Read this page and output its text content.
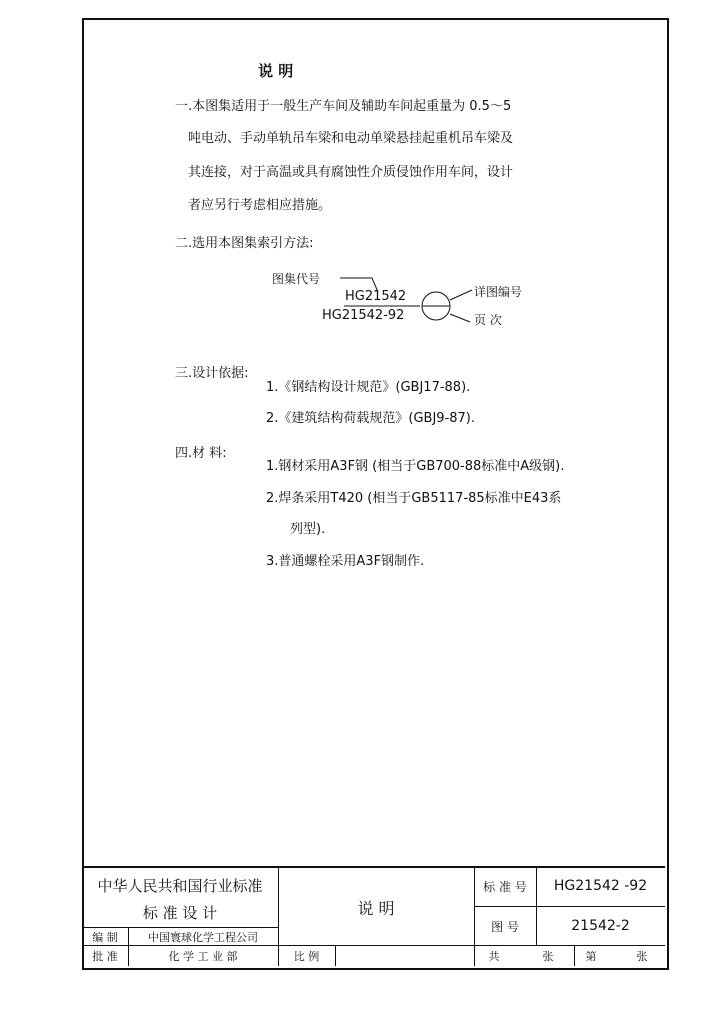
说 明
一.本图集适用于一般生产车间及辅助车间起重量为 0.5～5
吨电动、手动单轨吊车梁和电动单梁悬挂起重机吊车梁及
其连接，对于高温或具有腐蚀性介质侵蚀作用车间，设计
者应另行考虑相应措施。
二.选用本图集索引方法:
图集代号
HG21542
HG21542-92
详图编号
页 次
三.设计依据:
1.《钢结构设计规范》(GBJ17-88).
2.《建筑结构荷载规范》(GBJ9-87).
四.材 料:
1.钢材采用A3F钢 (相当于GB700-88标准中A级钢).
2.焊条采用T420 (相当于GB5117-85标准中E43系
列型).
3.普通螺栓采用A3F钢制作.
中华人民共和国行业标准
标 准 设 计	说 明
标 准 号	HG21542 -92
图 号	21542-2
编 制	中国寰球化学工程公司
批 准	化 学 工 业 部	比 例	共	张	第	张
